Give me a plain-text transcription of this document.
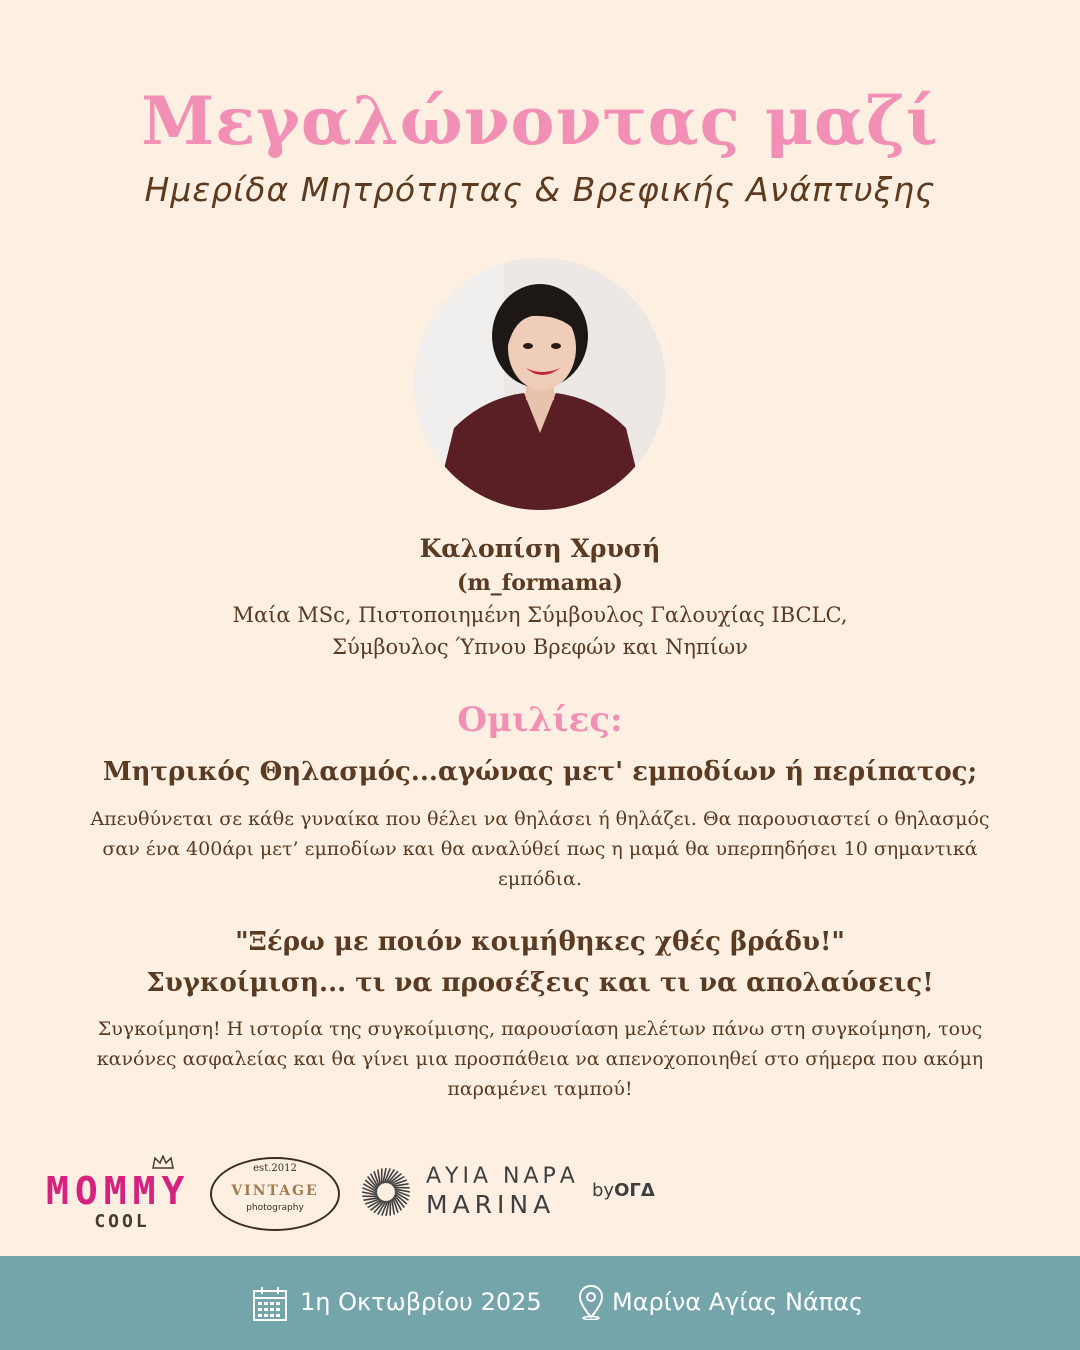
Μεγαλώνοντας μαζί
Ημερίδα Μητρότητας & Βρεφικής Ανάπτυξης
Καλοπίση Χρυσή
(m_formama)
Μαία MSc, Πιστοποιημένη Σύμβουλος Γαλουχίας IBCLC,
Σύμβουλος Ύπνου Βρεφών και Νηπίων
Ομιλίες:
Μητρικός Θηλασμός...αγώνας μετ' εμποδίων ή περίπατος;
Απευθύνεται σε κάθε γυναίκα που θέλει να θηλάσει ή θηλάζει. Θα παρουσιαστεί ο θηλασμός σαν ένα 400άρι μετ’ εμποδίων και θα αναλύθεί πως η μαμά θα υπερπηδήσει 10 σημαντικά εμπόδια.
"Ξέρω με ποιόν κοιμήθηκες χθές βράδυ!"
Συγκοίμιση... τι να προσέξεις και τι να απολαύσεις!
Συγκοίμηση! Η ιστορία της συγκοίμισης, παρουσίαση μελέτων πάνω στη συγκοίμηση, τους κανόνες ασφαλείας και θα γίνει μια προσπάθεια να απενοχοποιηθεί στο σήμερα που ακόμη παραμένει ταμπού!
MOMMY
COOL
est.2012
VINTAGE
photography
ΑΥΙΑ ΝΑΡΑ
MARINA byΟΓΔ
1η Οκτωβρίου 2025	Μαρίνα Αγίας Νάπας
